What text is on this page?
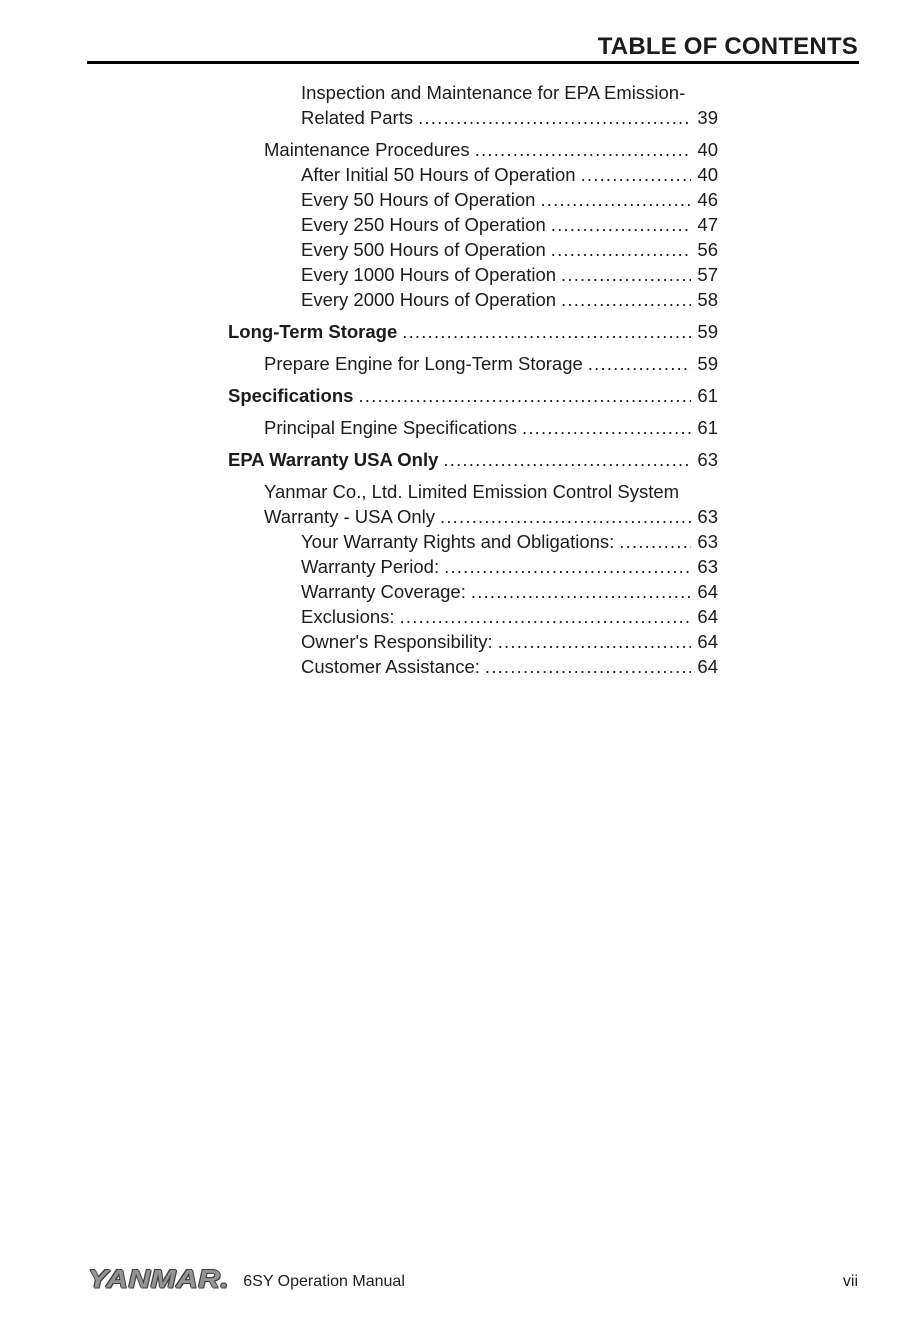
TABLE OF CONTENTS
Inspection and Maintenance for EPA Emission-
Related Parts .....	39
Maintenance Procedures .....	40
After Initial 50 Hours of Operation .....	40
Every 50 Hours of Operation .....	46
Every 250 Hours of Operation .....	47
Every 500 Hours of Operation .....	56
Every 1000 Hours of Operation .....	57
Every 2000 Hours of Operation .....	58
Long-Term Storage .....	59
Prepare Engine for Long-Term Storage .....	59
Specifications .....	61
Principal Engine Specifications .....	61
EPA Warranty USA Only .....	63
Yanmar Co., Ltd. Limited Emission Control System
Warranty - USA Only .....	63
Your Warranty Rights and Obligations: .....	63
Warranty Period: .....	63
Warranty Coverage: .....	64
Exclusions: .....	64
Owner's Responsibility: .....	64
Customer Assistance: .....	64
YANMAR. 6SY Operation Manual	vii
